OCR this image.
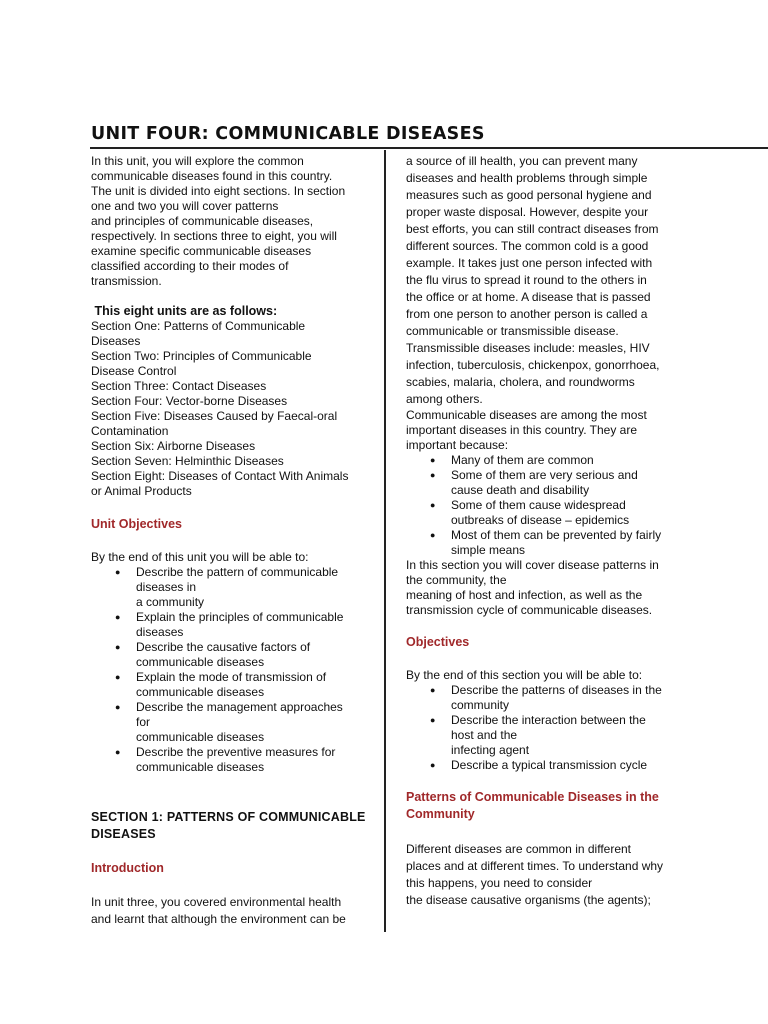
UNIT FOUR: COMMUNICABLE DISEASES
In this unit, you will explore the common
communicable diseases found in this country.
The unit is divided into eight sections. In section
one and two you will cover patterns
and principles of communicable diseases,
respectively. In sections three to eight, you will
examine specific communicable diseases
classified according to their modes of
transmission.

This eight units are as follows:

Section One: Patterns of Communicable
Diseases
Section Two: Principles of Communicable
Disease Control
Section Three: Contact Diseases
Section Four: Vector-borne Diseases
Section Five: Diseases Caused by Faecal-oral
Contamination
Section Six: Airborne Diseases
Section Seven: Helminthic Diseases
Section Eight: Diseases of Contact With Animals
or Animal Products

Unit Objectives

By the end of this unit you will be able to:

● Describe the pattern of communicable
diseases in
a community
● Explain the principles of communicable
diseases
● Describe the causative factors of
communicable diseases
● Explain the mode of transmission of
communicable diseases
● Describe the management approaches
for
communicable diseases
● Describe the preventive measures for
communicable diseases
SECTION 1: PATTERNS OF COMMUNICABLE
DISEASES

Introduction

In unit three, you covered environmental health
and learnt that although the environment can be
a source of ill health, you can prevent many
diseases and health problems through simple
measures such as good personal hygiene and
proper waste disposal. However, despite your
best efforts, you can still contract diseases from
different sources. The common cold is a good
example. It takes just one person infected with
the flu virus to spread it round to the others in
the office or at home. A disease that is passed
from one person to another person is called a
communicable or transmissible disease.
Transmissible diseases include: measles, HIV
infection, tuberculosis, chickenpox, gonorrhoea,
scabies, malaria, cholera, and roundworms
among others.
Communicable diseases are among the most
important diseases in this country. They are
important because:
● Many of them are common
● Some of them are very serious and
cause death and disability
● Some of them cause widespread
outbreaks of disease – epidemics
● Most of them can be prevented by fairly
simple means
In this section you will cover disease patterns in
the community, the
meaning of host and infection, as well as the
transmission cycle of communicable diseases.

Objectives

By the end of this section you will be able to:

● Describe the patterns of diseases in the
community
● Describe the interaction between the
host and the
infecting agent
● Describe a typical transmission cycle
Patterns of Communicable Diseases in the
Community
Different diseases are common in different
places and at different times. To understand why
this happens, you need to consider
the disease causative organisms (the agents);
